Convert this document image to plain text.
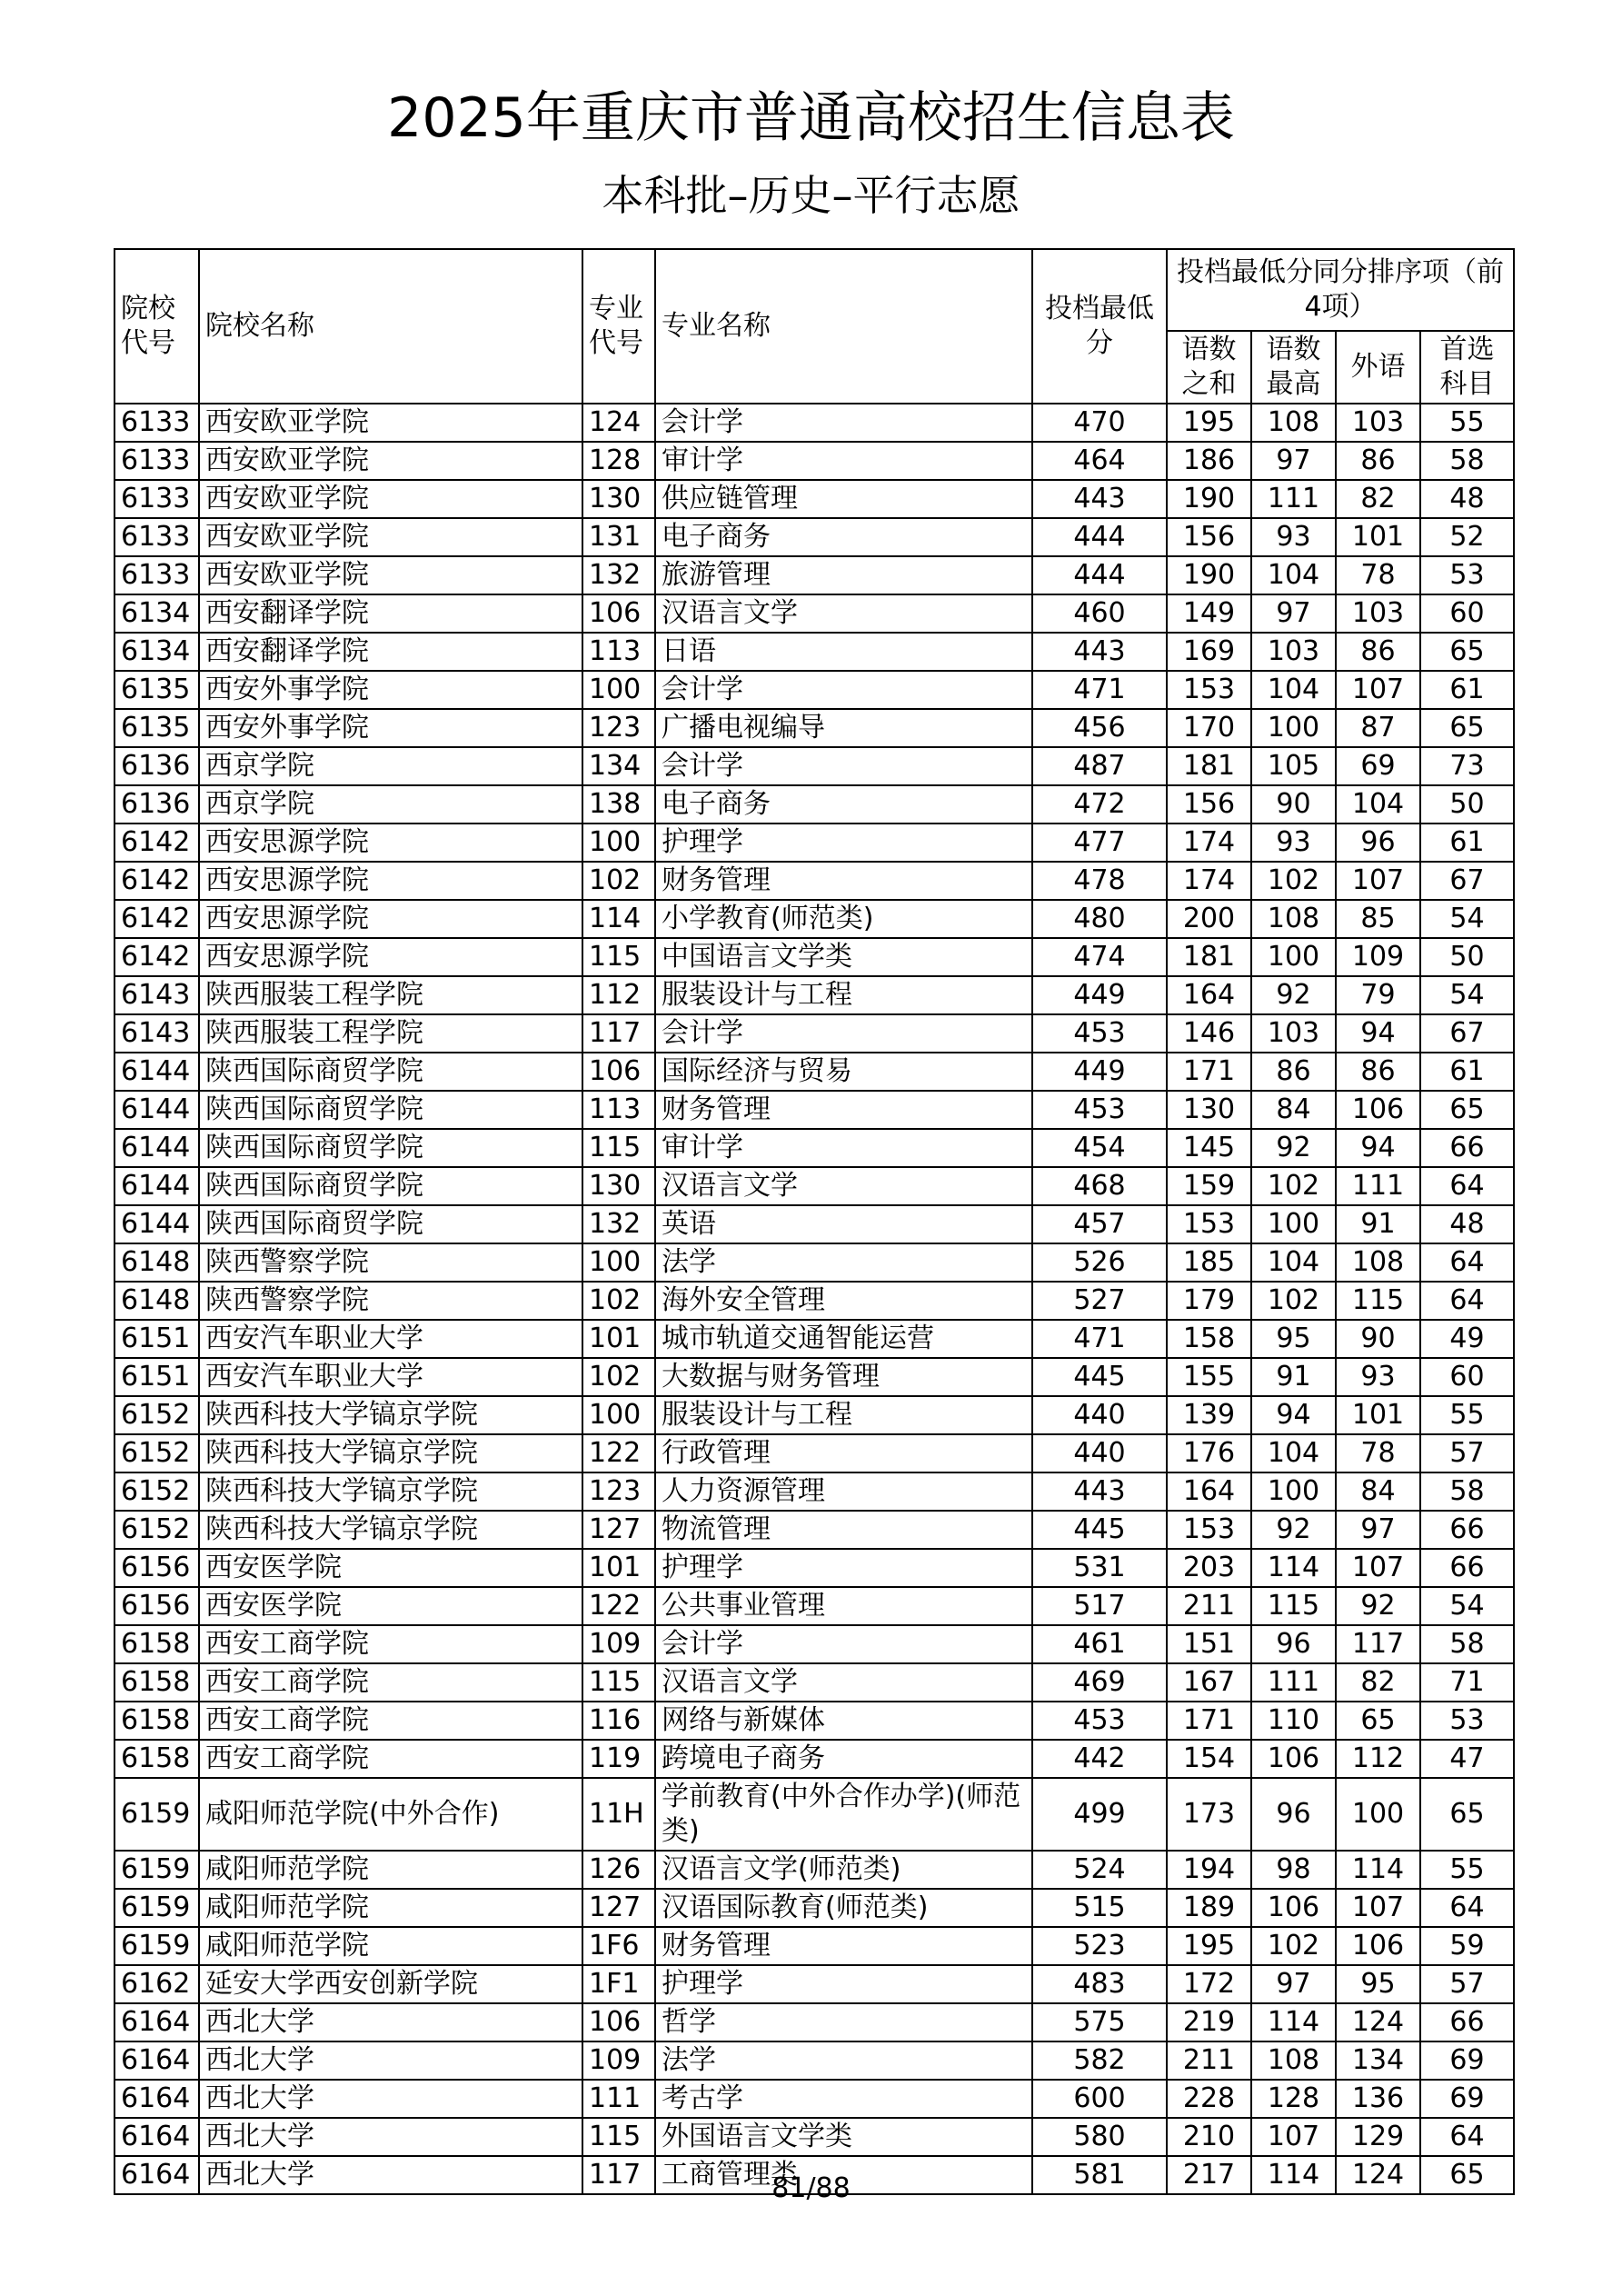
2025年重庆市普通高校招生信息表
本科批–历史–平行志愿
院校代号	院校名称	专业代号	专业名称	投档最低分	投档最低分同分排序项（前4项）			
					语数之和	语数最高	外语	首选科目
6133	西安欧亚学院	124	会计学	470	195	108	103	55
6133	西安欧亚学院	128	审计学	464	186	97	86	58
6133	西安欧亚学院	130	供应链管理	443	190	111	82	48
6133	西安欧亚学院	131	电子商务	444	156	93	101	52
6133	西安欧亚学院	132	旅游管理	444	190	104	78	53
6134	西安翻译学院	106	汉语言文学	460	149	97	103	60
6134	西安翻译学院	113	日语	443	169	103	86	65
6135	西安外事学院	100	会计学	471	153	104	107	61
6135	西安外事学院	123	广播电视编导	456	170	100	87	65
6136	西京学院	134	会计学	487	181	105	69	73
6136	西京学院	138	电子商务	472	156	90	104	50
6142	西安思源学院	100	护理学	477	174	93	96	61
6142	西安思源学院	102	财务管理	478	174	102	107	67
6142	西安思源学院	114	小学教育(师范类)	480	200	108	85	54
6142	西安思源学院	115	中国语言文学类	474	181	100	109	50
6143	陕西服装工程学院	112	服装设计与工程	449	164	92	79	54
6143	陕西服装工程学院	117	会计学	453	146	103	94	67
6144	陕西国际商贸学院	106	国际经济与贸易	449	171	86	86	61
6144	陕西国际商贸学院	113	财务管理	453	130	84	106	65
6144	陕西国际商贸学院	115	审计学	454	145	92	94	66
6144	陕西国际商贸学院	130	汉语言文学	468	159	102	111	64
6144	陕西国际商贸学院	132	英语	457	153	100	91	48
6148	陕西警察学院	100	法学	526	185	104	108	64
6148	陕西警察学院	102	海外安全管理	527	179	102	115	64
6151	西安汽车职业大学	101	城市轨道交通智能运营	471	158	95	90	49
6151	西安汽车职业大学	102	大数据与财务管理	445	155	91	93	60
6152	陕西科技大学镐京学院	100	服装设计与工程	440	139	94	101	55
6152	陕西科技大学镐京学院	122	行政管理	440	176	104	78	57
6152	陕西科技大学镐京学院	123	人力资源管理	443	164	100	84	58
6152	陕西科技大学镐京学院	127	物流管理	445	153	92	97	66
6156	西安医学院	101	护理学	531	203	114	107	66
6156	西安医学院	122	公共事业管理	517	211	115	92	54
6158	西安工商学院	109	会计学	461	151	96	117	58
6158	西安工商学院	115	汉语言文学	469	167	111	82	71
6158	西安工商学院	116	网络与新媒体	453	171	110	65	53
6158	西安工商学院	119	跨境电子商务	442	154	106	112	47
6159	咸阳师范学院(中外合作)	11H	学前教育(中外合作办学)(师范类)	499	173	96	100	65
6159	咸阳师范学院	126	汉语言文学(师范类)	524	194	98	114	55
6159	咸阳师范学院	127	汉语国际教育(师范类)	515	189	106	107	64
6159	咸阳师范学院	1F6	财务管理	523	195	102	106	59
6162	延安大学西安创新学院	1F1	护理学	483	172	97	95	57
6164	西北大学	106	哲学	575	219	114	124	66
6164	西北大学	109	法学	582	211	108	134	69
6164	西北大学	111	考古学	600	228	128	136	69
6164	西北大学	115	外国语言文学类	580	210	107	129	64
6164	西北大学	117	工商管理类	581	217	114	124	65
81/88
